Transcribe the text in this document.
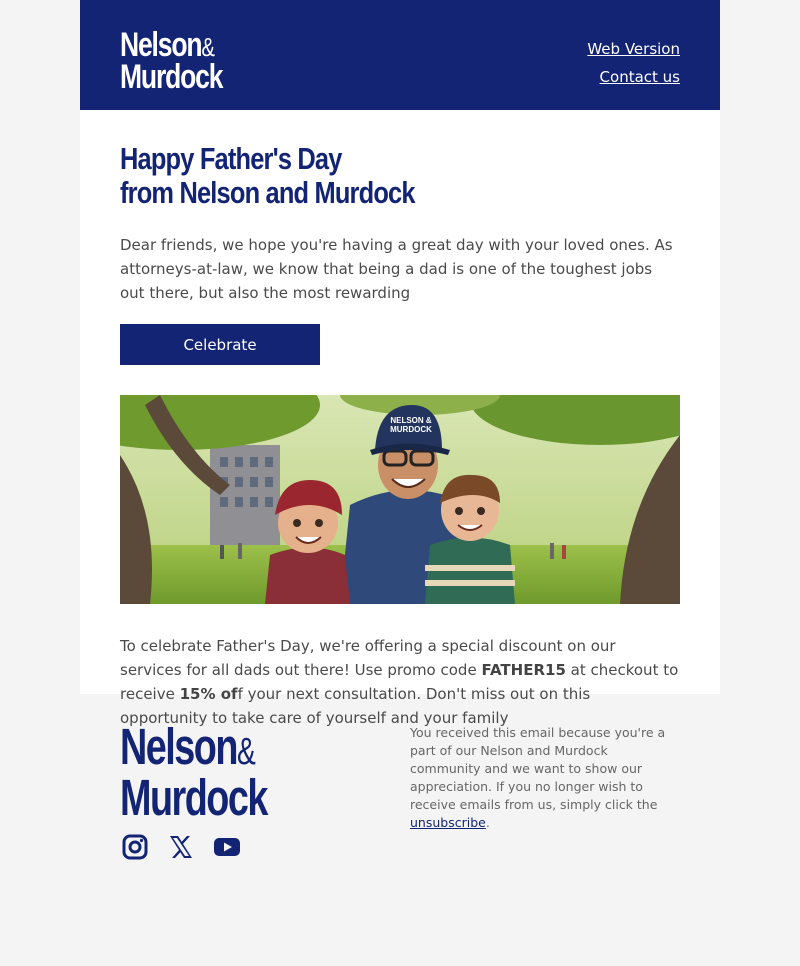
Nelson&
Murdock
Web Version
Contact us
Happy Father's Day
from Nelson and Murdock

Dear friends, we hope you're having a great day with your loved ones. As attorneys-at-law, we know that being a dad is one of the toughest jobs out there, but also the most rewarding

Celebrate
NELSON &
MURDOCK

To celebrate Father's Day, we're offering a special discount on our services for all dads out there! Use promo code FATHER15 at checkout to receive 15% off your next consultation. Don't miss out on this opportunity to take care of yourself and your family

Nelson&
Murdock
You received this email because you're a part of our Nelson and Murdock community and we want to show our appreciation. If you no longer wish to receive emails from us, simply click the unsubscribe.
